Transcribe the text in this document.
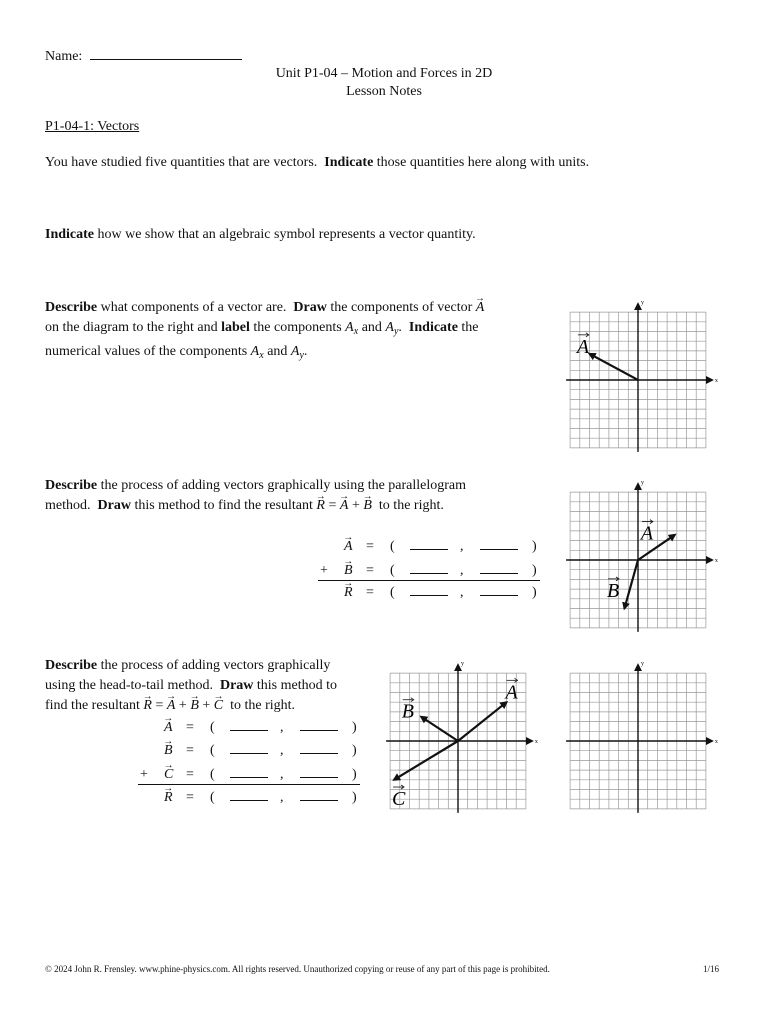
Name:
Unit P1-04 – Motion and Forces in 2D
Lesson Notes
P1-04-1: Vectors
You have studied five quantities that are vectors. Indicate those quantities here along with units.
Indicate how we show that an algebraic symbol represents a vector quantity.
Describe what components of a vector are. Draw the components of vector → A
on the diagram to the right and label the components $A_x$ and $A_y$.  Indicate the
numerical values of the components $A_x$ and $A_y$.
Describe the process of adding vectors graphically using the parallelogram
method. Draw this method to find the resultant → R = → A + → B to the right.
→ A = (	,	)
+ → B = (	,	)
→ R = (	,	)
Describe the process of adding vectors graphically
using the head-to-tail method. Draw this method to
find the resultant → R = → A + → B + → C to the right.
→ A = (	,	)
→ B = (	,	)
+ → C = (	,	)
→ R = (	,	)
x
y
A
x
y
A
B
x
y
A
B
C
x
y
© 2024 John R. Frensley. www.phine-physics.com. All rights reserved. Unauthorized copying or reuse of any part of this page is prohibited.	1/16
